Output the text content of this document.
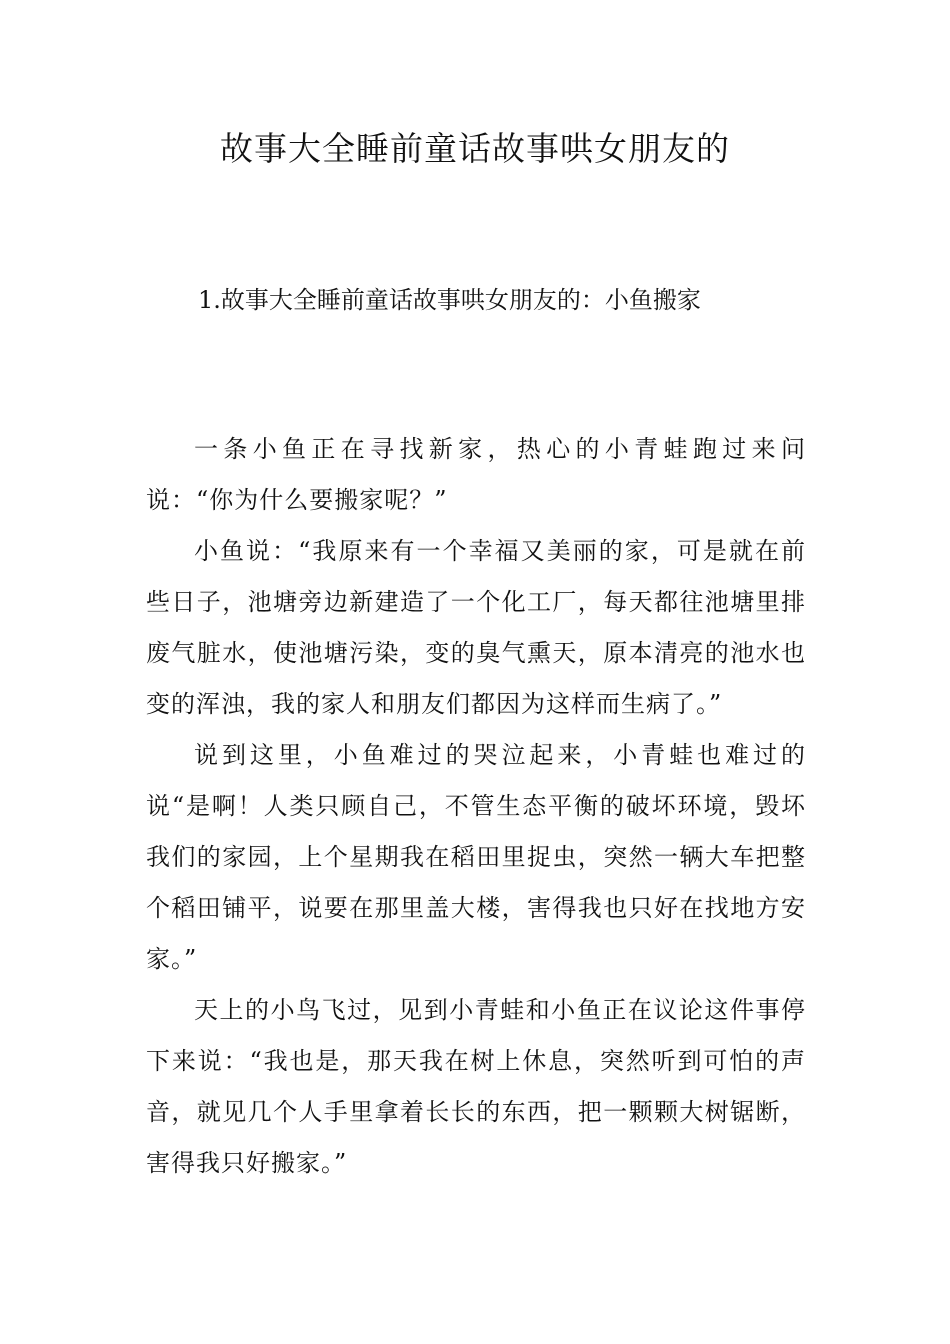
故事大全睡前童话故事哄女朋友的
1.故事大全睡前童话故事哄女朋友的：小鱼搬家

一条小鱼正在寻找新家，热心的小青蛙跑过来问说：“你为什么要搬家呢？”

小鱼说：“我原来有一个幸福又美丽的家，可是就在前些日子，池塘旁边新建造了一个化工厂，每天都往池塘里排废气脏水，使池塘污染，变的臭气熏天，原本清亮的池水也变的浑浊，我的家人和朋友们都因为这样而生病了。”

说到这里，小鱼难过的哭泣起来，小青蛙也难过的说“是啊！人类只顾自己，不管生态平衡的破坏环境，毁坏我们的家园，上个星期我在稻田里捉虫，突然一辆大车把整个稻田铺平，说要在那里盖大楼，害得我也只好在找地方安家。”

天上的小鸟飞过，见到小青蛙和小鱼正在议论这件事停下来说：“我也是，那天我在树上休息，突然听到可怕的声音，就见几个人手里拿着长长的东西，把一颗颗大树锯断，害得我只好搬家。”
